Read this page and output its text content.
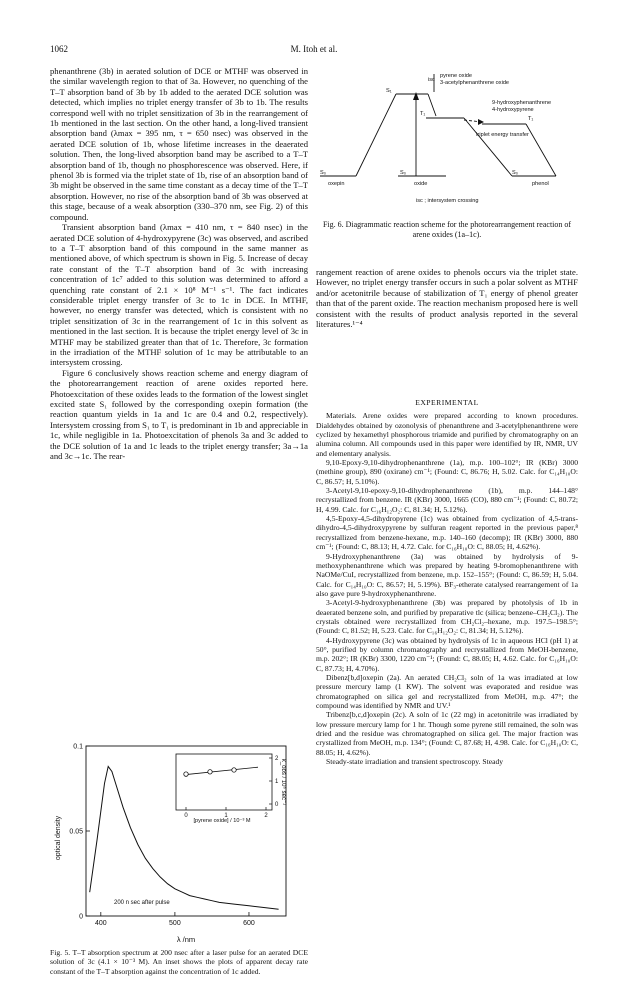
1062	M. Itoh et al.

phenanthrene (3b) in aerated solution of DCE or MTHF was observed in the similar wavelength region to that of 3a. However, no quenching of the T–T absorption band of 3b by 1b added to the aerated DCE solution was detected, which implies no triplet energy transfer of 3b to 1b. The results correspond well with no triplet sensitization of 3b in the rearrangement of 1b mentioned in the last section. On the other hand, a long-lived transient absorption band (λmax = 395 nm, τ = 650 nsec) was observed in the aerated DCE solution of 1b, whose lifetime increases in the deaerated solution. Then, the long-lived absorption band may be ascribed to a T–T absorption band of 1b, though no phosphorescence was observed. Here, if phenol 3b is formed via the triplet state of 1b, rise of an absorption band of 3b might be observed in the same time constant as a decay time of the T–T absorption. However, no rise of the absorption band of 3b was observed at this stage, because of a weak absorption (330–370 nm, see Fig. 2) of this compound.

Transient absorption band (λmax = 410 nm, τ = 840 nsec) in the aerated DCE solution of 4-hydroxypyrene (3c) was observed, and ascribed to a T–T absorption band of this compound in the same manner as mentioned above, of which spectrum is shown in Fig. 5. Increase of decay rate constant of the T–T absorption band of 3c with increasing concentration of 1c⁷ added to this solution was determined to afford a quenching rate constant of 2.1 × 10⁸ M⁻¹ s⁻¹. The fact indicates considerable triplet energy transfer of 3c to 1c in DCE. In MTHF, however, no energy transfer was detected, which is consistent with no triplet sensitization of 3c in the rearrangement of 1c in this solvent as mentioned in the last section. It is because the triplet energy level of 3c in MTHF may be stabilized greater than that of 1c. Therefore, 3c formation in the irradiation of the MTHF solution of 1c may be attributable to an intersystem crossing.

Figure 6 conclusively shows reaction scheme and energy diagram of the photorearrangement reaction of arene oxides reported here. Photoexcitation of these oxides leads to the formation of the lowest singlet excited state S₁ followed by the corresponding oxepin formation (the reaction quantum yields in 1a and 1c are 0.4 and 0.2, respectively). Intersystem crossing from S₁ to T₁ is predominant in 1b and appreciable in 1c, while negligible in 1a. Photoexcitation of phenols 3a and 3c added to the DCE solution of 1a and 1c leads to the triplet energy transfer; 3a→1a and 3c→1c. The rear-

pyrene oxide
3-acetylphenanthrene oxide
isc
S₁
T₁
T₁
9-hydroxyphenanthrene
4-hydroxypyrene
triplet energy transfer
S₀	S₀	S₀
oxepin	oxide	phenol
isc ; intersystem crossing
Fig. 6. Diagrammatic reaction scheme for the photorearrangement reaction of arene oxides (1a–1c).

rangement reaction of arene oxides to phenols occurs via the triplet state. However, no triplet energy transfer occurs in such a polar solvent as MTHF and/or acetonitrile because of stabilization of T₁ energy of phenol greater than that of the parent oxide. The reaction mechanism proposed here is well consistent with the results of product analysis reported in the several literatures.¹⁻⁴

EXPERIMENTAL

Materials. Arene oxides were prepared according to known procedures. Dialdehydes obtained by ozonolysis of phenanthrene and 3-acetylphenanthrene were cyclized by hexamethyl phosphorous triamide and purified by chromatography on an alumina column. All compounds used in this paper were identified by IR, NMR, UV and elementary analysis.

9,10-Epoxy-9,10-dihydrophenanthrene (1a), m.p. 100–102°; IR (KBr) 3000 (methine group), 890 (oxirane) cm⁻¹; (Found: C, 86.76; H, 5.02. Calc. for C₁₄H₁₀O: C, 86.57; H, 5.10%).

3-Acetyl-9,10-epoxy-9,10-dihydrophenanthrene (1b), m.p. 144–148° recrystallized from benzene. IR (KBr) 3000, 1665 (CO), 880 cm⁻¹; (Found: C, 80.72; H, 4.99. Calc. for C₁₆H₁₂O₂: C, 81.34; H, 5.12%).

4,5-Epoxy-4,5-dihydropyrene (1c) was obtained from cyclization of 4,5-trans-dihydro-4,5-dihydroxypyrene by sulfuran reagent reported in the previous paper,⁸ recrystallized from benzene-hexane, m.p. 140–160 (decomp); IR (KBr) 3000, 880 cm⁻¹; (Found: C, 88.13; H, 4.72. Calc. for C₁₆H₁₀O: C, 88.05; H, 4.62%).

9-Hydroxyphenanthrene (3a) was obtained by hydrolysis of 9-methoxyphenanthrene which was prepared by heating 9-bromophenanthrene with NaOMe/CuI, recrystallized from benzene, m.p. 152–155°; (Found: C, 86.59; H, 5.04. Calc. for C₁₄H₁₀O: C, 86.57; H, 5.19%). BF₃-etherate catalysed rearrangement of 1a also gave pure 9-hydroxyphenanthrene.

3-Acetyl-9-hydroxyphenanthrene (3b) was prepared by photolysis of 1b in deaerated benzene soln, and purified by preparative tlc (silica; benzene–CH₂Cl₂). The crystals obtained were recrystallized from CH₂Cl₂–hexane, m.p. 197.5–198.5°; (Found: C, 81.52; H, 5.23. Calc. for C₁₆H₁₂O₂: C, 81.34; H, 5.12%).

4-Hydroxypyrene (3c) was obtained by hydrolysis of 1c in aqueous HCl (pH 1) at 50°, purified by column chromatography and recrystallized from MeOH-benzene, m.p. 202°; IR (KBr) 3300, 1220 cm⁻¹; (Found: C, 88.05; H, 4.62. Calc. for C₁₆H₁₀O: C, 87.73; H, 4.70%).

Dibenz[b,d]oxepin (2a). An aerated CH₂Cl₂ soln of 1a was irradiated at low pressure mercury lamp (1 KW). The solvent was evaporated and residue was chromatographed on silica gel and recrystallized from MeOH, m.p. 47°; the compound was identified by NMR and UV.¹

Tribenz[b,c,d]oxepin (2c). A soln of 1c (22 mg) in acetonitrile was irradiated by low pressure mercury lamp for 1 hr. Though some pyrene still remained, the soln was dried and the residue was chromatographed on silica gel. The major fraction was crystallized from MeOH, m.p. 134°; (Found: C, 87.68; H, 4.98. Calc. for C₁₆H₁₀O: C, 88.05; H, 4.62%).

Steady-state irradiation and transient spectroscopy. Steady

400	500	600
0
0.05
0.1
optical density
λ /nm
200 n sec after pulse
0	1	2
0
1
2
[pyrene oxide] / 10⁻³ M
k_obs / 10⁶ sec⁻¹
Fig. 5. T–T absorption spectrum at 200 nsec after a laser pulse for an aerated DCE solution of 3c (4.1 × 10⁻³ M). An inset shows the plots of apparent decay rate constant of the T–T absorption against the concentration of 1c added.
